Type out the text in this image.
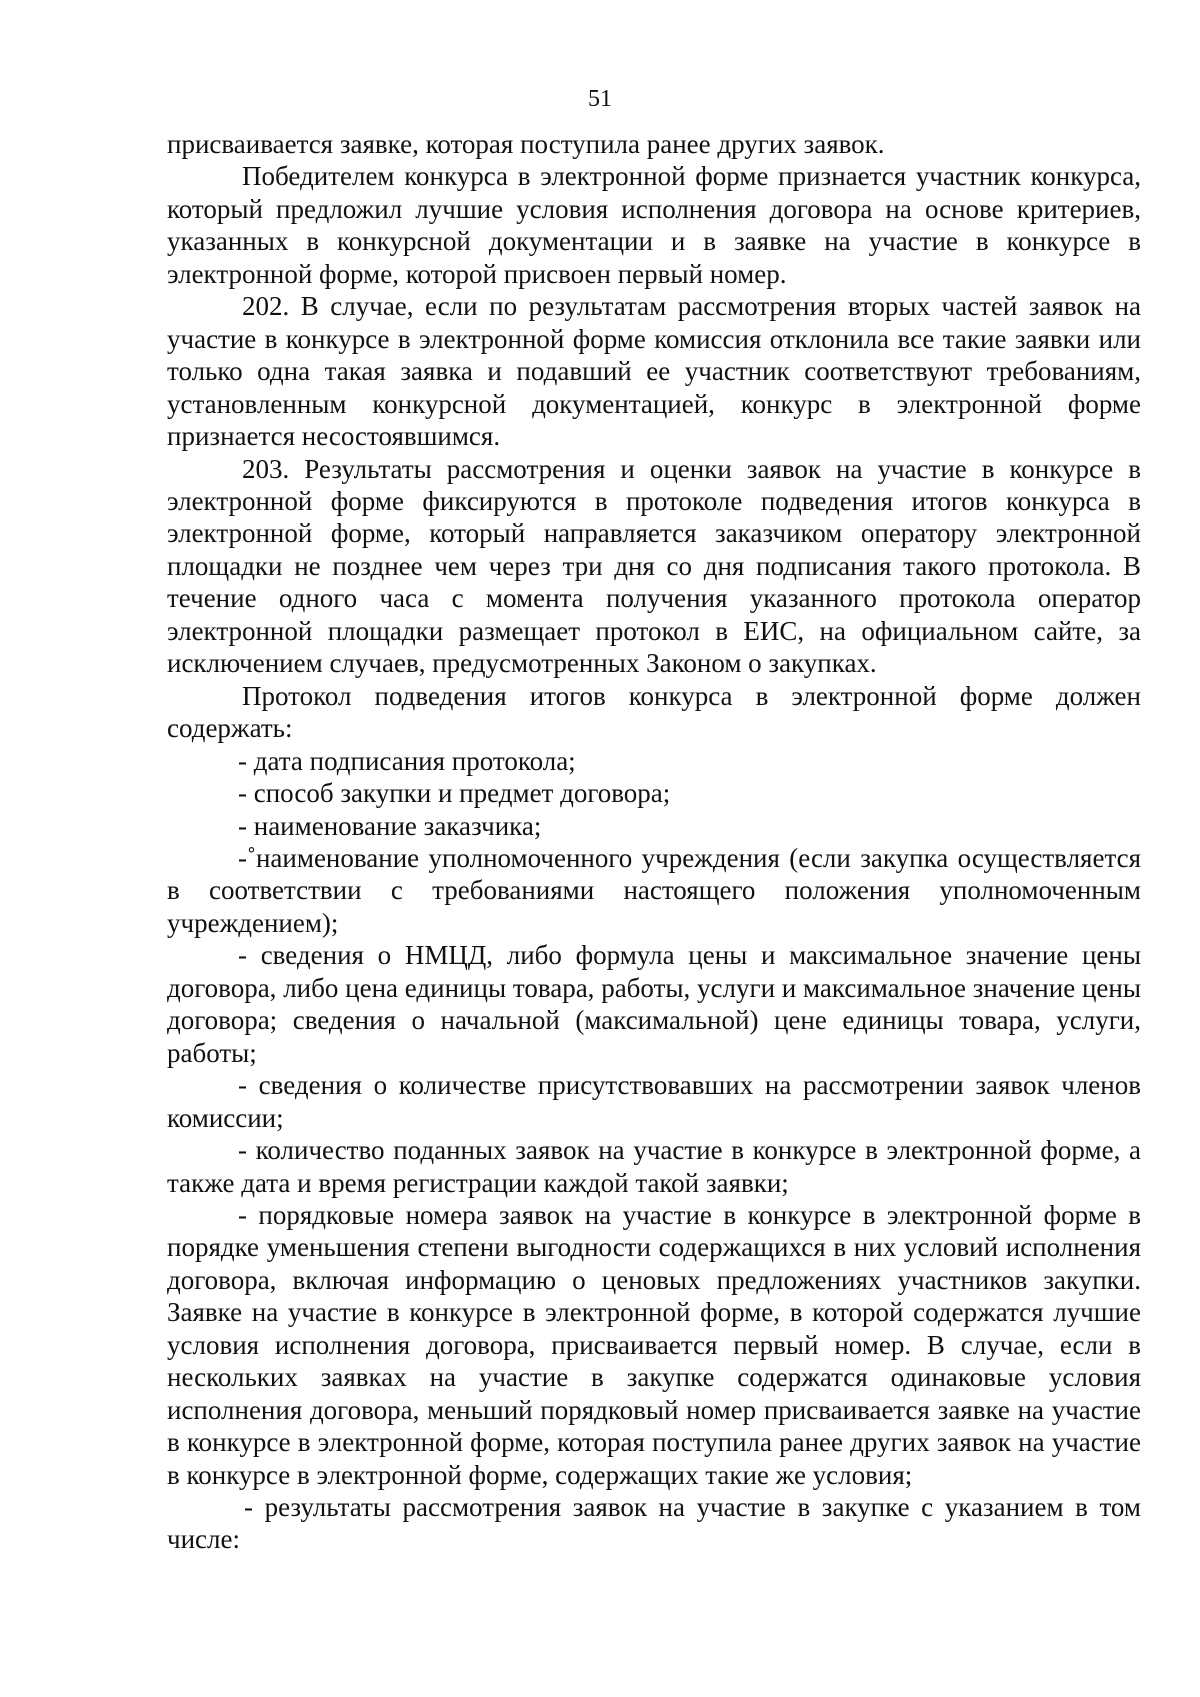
51

присваивается заявке, которая поступила ранее других заявок.

Победителем конкурса в электронной форме признается участник конкурса, который предложил лучшие условия исполнения договора на основе критериев, указанных в конкурсной документации и в заявке на участие в конкурсе в электронной форме, которой присвоен первый номер.

202. В случае, если по результатам рассмотрения вторых частей заявок на участие в конкурсе в электронной форме комиссия отклонила все такие заявки или только одна такая заявка и подавший ее участник соответствуют требованиям, установленным конкурсной документацией, конкурс в электронной форме признается несостоявшимся.

203. Результаты рассмотрения и оценки заявок на участие в конкурсе в электронной форме фиксируются в протоколе подведения итогов конкурса в электронной форме, который направляется заказчиком оператору электронной площадки не позднее чем через три дня со дня подписания такого протокола. В течение одного часа с момента получения указанного протокола оператор электронной площадки размещает протокол в ЕИС, на официальном сайте, за исключением случаев, предусмотренных Законом о закупках.

Протокол подведения итогов конкурса в электронной форме должен содержать:

- дата подписания протокола;

- способ закупки и предмет договора;

- наименование заказчика;

-˚наименование уполномоченного учреждения (если закупка осуществляется в соответствии с требованиями настоящего положения уполномоченным учреждением);

- сведения о НМЦД, либо формула цены и максимальное значение цены договора, либо цена единицы товара, работы, услуги и максимальное значение цены договора; сведения о начальной (максимальной) цене единицы товара, услуги, работы;

- сведения о количестве присутствовавших на рассмотрении заявок членов комиссии;

- количество поданных заявок на участие в конкурсе в электронной форме, а также дата и время регистрации каждой такой заявки;

- порядковые номера заявок на участие в конкурсе в электронной форме в порядке уменьшения степени выгодности содержащихся в них условий исполнения договора, включая информацию о ценовых предложениях участников закупки. Заявке на участие в конкурсе в электронной форме, в которой содержатся лучшие условия исполнения договора, присваивается первый номер. В случае, если в нескольких заявках на участие в закупке содержатся одинаковые условия исполнения договора, меньший порядковый номер присваивается заявке на участие в конкурсе в электронной форме, которая поступила ранее других заявок на участие в конкурсе в электронной форме, содержащих такие же условия;

- результаты рассмотрения заявок на участие в закупке с указанием в том числе:
